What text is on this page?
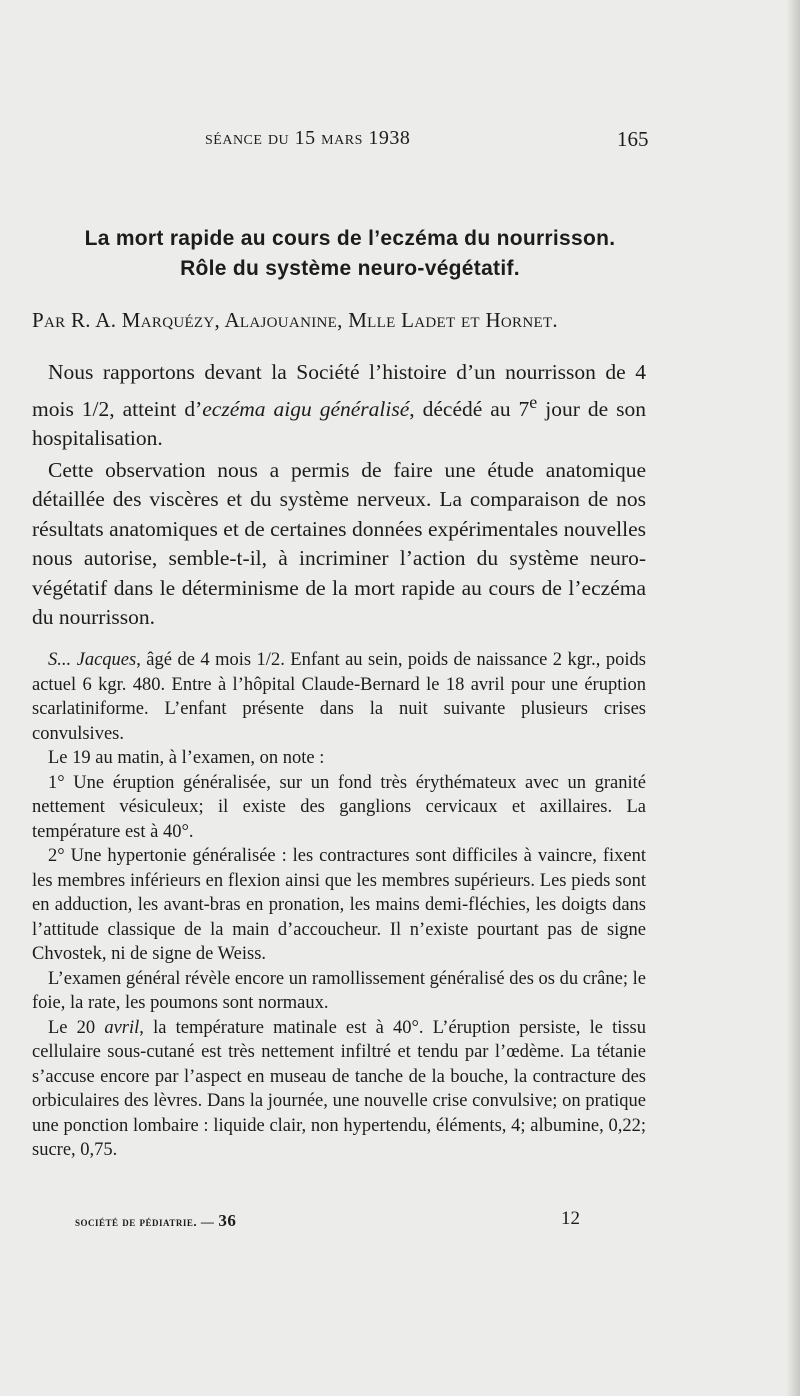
séance du 15 mars 1938	165
La mort rapide au cours de l’eczéma du nourrisson.
Rôle du système neuro-végétatif.
Par R. A. Marquézy, Alajouanine, Mlle Ladet et Hornet.

Nous rapportons devant la Société l’histoire d’un nourrisson de 4 mois 1/2, atteint d’eczéma aigu généralisé, décédé au 7e jour de son hospitalisation.

Cette observation nous a permis de faire une étude anatomique détaillée des viscères et du système nerveux. La comparaison de nos résultats anatomiques et de certaines données expérimentales nouvelles nous autorise, semble-t-il, à incriminer l’action du système neuro-végétatif dans le déterminisme de la mort rapide au cours de l’eczéma du nourrisson.

S... Jacques, âgé de 4 mois 1/2. Enfant au sein, poids de naissance 2 kgr., poids actuel 6 kgr. 480. Entre à l’hôpital Claude-Bernard le 18 avril pour une éruption scarlatiniforme. L’enfant présente dans la nuit suivante plusieurs crises convulsives.

Le 19 au matin, à l’examen, on note :

1° Une éruption généralisée, sur un fond très érythémateux avec un granité nettement vésiculeux; il existe des ganglions cervicaux et axillaires. La température est à 40°.

2° Une hypertonie généralisée : les contractures sont difficiles à vaincre, fixent les membres inférieurs en flexion ainsi que les membres supérieurs. Les pieds sont en adduction, les avant-bras en pronation, les mains demi-fléchies, les doigts dans l’attitude classique de la main d’accoucheur. Il n’existe pourtant pas de signe Chvostek, ni de signe de Weiss.

L’examen général révèle encore un ramollissement généralisé des os du crâne; le foie, la rate, les poumons sont normaux.

Le 20 avril, la température matinale est à 40°. L’éruption persiste, le tissu cellulaire sous-cutané est très nettement infiltré et tendu par l’œdème. La tétanie s’accuse encore par l’aspect en museau de tanche de la bouche, la contracture des orbiculaires des lèvres. Dans la journée, une nouvelle crise convulsive; on pratique une ponction lombaire : liquide clair, non hypertendu, éléments, 4; albumine, 0,22; sucre, 0,75.

société de pédiatrie. — 36	12
